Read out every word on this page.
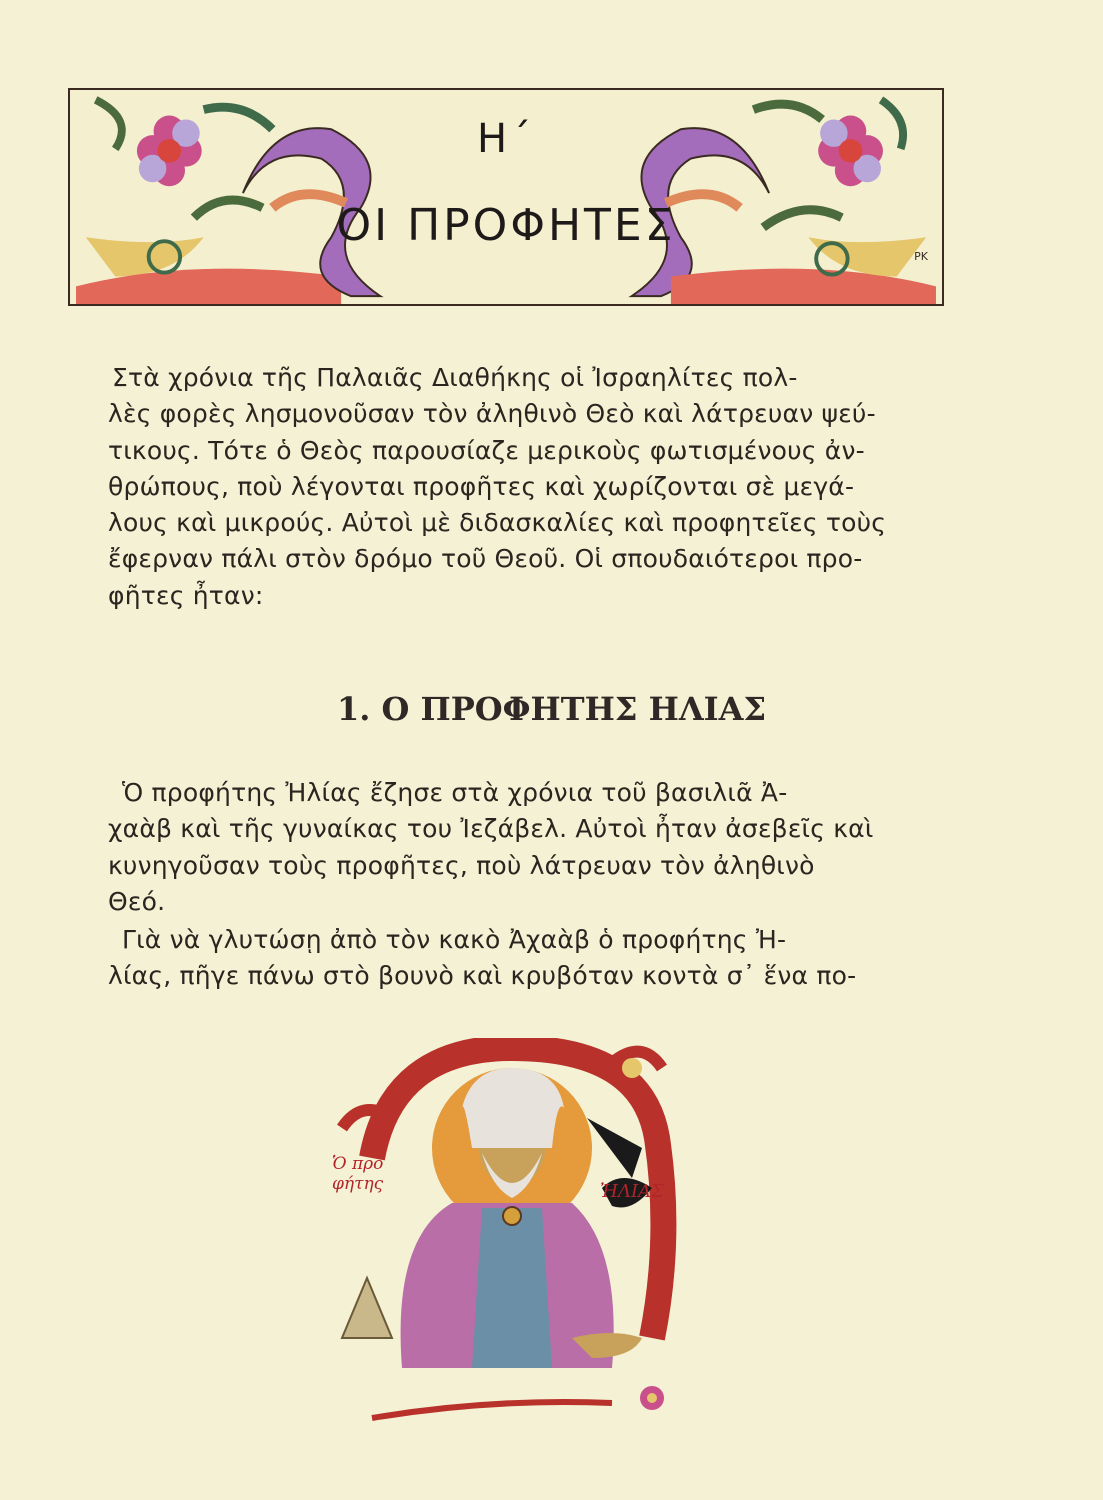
Η΄
ΟΙ ΠΡΟΦΗΤΕΣ
ΡΚ

Στὰ χρόνια τῆς Παλαιᾶς Διαθήκης οἱ Ἰσραηλίτες πολ-
λὲς φορὲς λησμονοῦσαν τὸν ἀληθινὸ Θεὸ καὶ λάτρευαν ψεύ-
τικους. Τότε ὁ Θεὸς παρουσίαζε μερικοὺς φωτισμένους ἀν-
θρώπους, ποὺ λέγονται προφῆτες καὶ χωρίζονται σὲ μεγά-
λους καὶ μικρούς. Αὐτοὶ μὲ διδασκαλίες καὶ προφητεῖες τοὺς
ἔφερναν πάλι στὸν δρόμο τοῦ Θεοῦ. Οἱ σπουδαιότεροι προ-
φῆτες ἦταν:

1. Ο ΠΡΟΦΗΤΗΣ ΗΛΙΑΣ

Ὁ προφήτης Ἠλίας ἔζησε στὰ χρόνια τοῦ βασιλιᾶ Ἀ-
χαὰβ καὶ τῆς γυναίκας του Ἰεζάβελ. Αὐτοὶ ἦταν ἀσεβεῖς καὶ
κυνηγοῦσαν τοὺς προφῆτες, ποὺ λάτρευαν τὸν ἀληθινὸ
Θεό.

Γιὰ νὰ γλυτώσῃ ἀπὸ τὸν κακὸ Ἀχαὰβ ὁ προφήτης Ἠ-
λίας, πῆγε πάνω στὸ βουνὸ καὶ κρυβόταν κοντὰ σ᾽ ἕνα πο-

Ὁ προ
φήτης	ἨΛΙΑΣ
